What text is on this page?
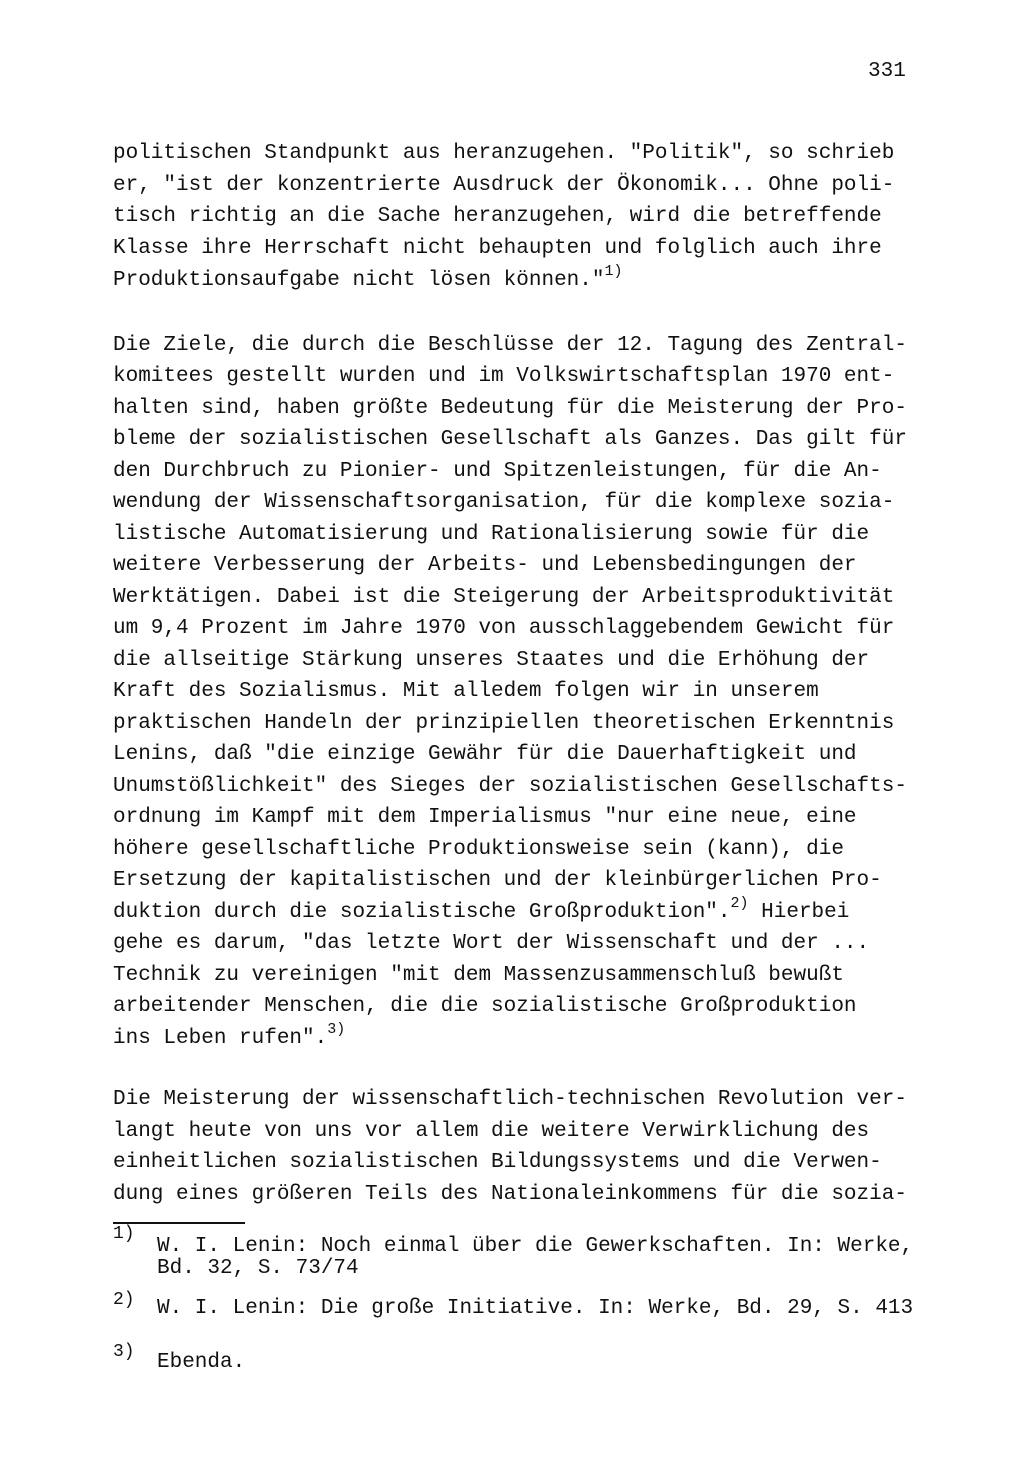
331
politischen Standpunkt aus heranzugehen. "Politik", so schrieb
er, "ist der konzentrierte Ausdruck der Ökonomik... Ohne poli-
tisch richtig an die Sache heranzugehen, wird die betreffende
Klasse ihre Herrschaft nicht behaupten und folglich auch ihre
Produktionsaufgabe nicht lösen können."$^{1)}$
Die Ziele, die durch die Beschlüsse der 12. Tagung des Zentral-
komitees gestellt wurden und im Volkswirtschaftsplan 1970 ent-
halten sind, haben größte Bedeutung für die Meisterung der Pro-
bleme der sozialistischen Gesellschaft als Ganzes. Das gilt für
den Durchbruch zu Pionier- und Spitzenleistungen, für die An-
wendung der Wissenschaftsorganisation, für die komplexe sozia-
listische Automatisierung und Rationalisierung sowie für die
weitere Verbesserung der Arbeits- und Lebensbedingungen der
Werktätigen. Dabei ist die Steigerung der Arbeitsproduktivität
um 9,4 Prozent im Jahre 1970 von ausschlaggebendem Gewicht für
die allseitige Stärkung unseres Staates und die Erhöhung der
Kraft des Sozialismus. Mit alledem folgen wir in unserem
praktischen Handeln der prinzipiellen theoretischen Erkenntnis
Lenins, daß "die einzige Gewähr für die Dauerhaftigkeit und
Unumstößlichkeit" des Sieges der sozialistischen Gesellschafts-
ordnung im Kampf mit dem Imperialismus "nur eine neue, eine
höhere gesellschaftliche Produktionsweise sein (kann), die
Ersetzung der kapitalistischen und der kleinbürgerlichen Pro-
duktion durch die sozialistische Großproduktion".$^{2)}$ Hierbei
gehe es darum, "das letzte Wort der Wissenschaft und der ...
Technik zu vereinigen "mit dem Massenzusammenschluß bewußt
arbeitender Menschen, die die sozialistische Großproduktion
ins Leben rufen".$^{3)}$
Die Meisterung der wissenschaftlich-technischen Revolution ver-
langt heute von uns vor allem die weitere Verwirklichung des
einheitlichen sozialistischen Bildungssystems und die Verwen-
dung eines größeren Teils des Nationaleinkommens für die sozia-
1)
W. I. Lenin: Noch einmal über die Gewerkschaften. In: Werke,
Bd. 32, S. 73/74
2) W. I. Lenin: Die große Initiative. In: Werke, Bd. 29, S. 413
3) Ebenda.
